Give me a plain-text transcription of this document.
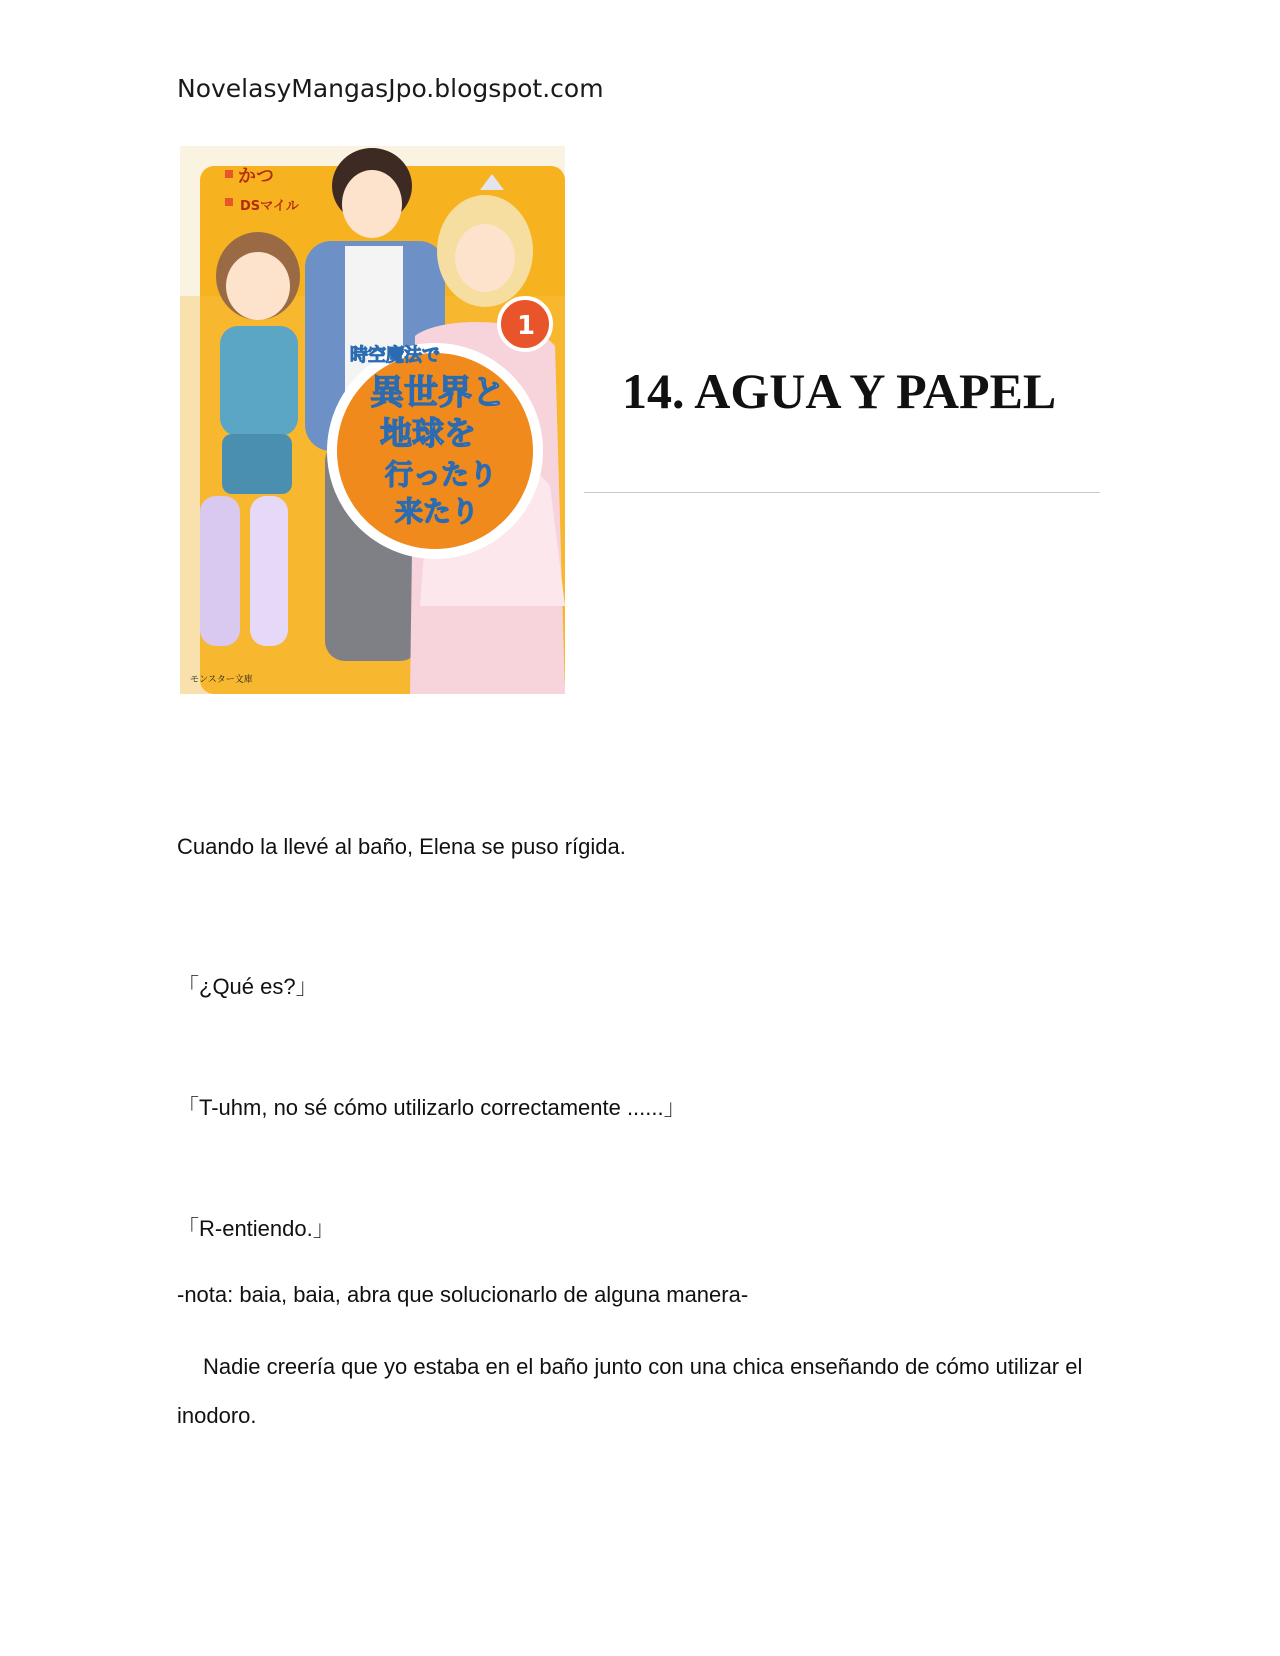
NovelasyMangasJpo.blogspot.com
かつ
DSマイル
時空魔法で
異世界と
地球を
行ったり
来たり
1
モンスター文庫
14. AGUA Y PAPEL
Cuando la llevé al baño, Elena se puso rígida.
「¿Qué es?」
「T-uhm, no sé cómo utilizarlo correctamente ......」
「R-entiendo.」
-nota: baia, baia, abra que solucionarlo de alguna manera-
Nadie creería que yo estaba en el baño junto con una chica enseñando de cómo utilizar el inodoro.
